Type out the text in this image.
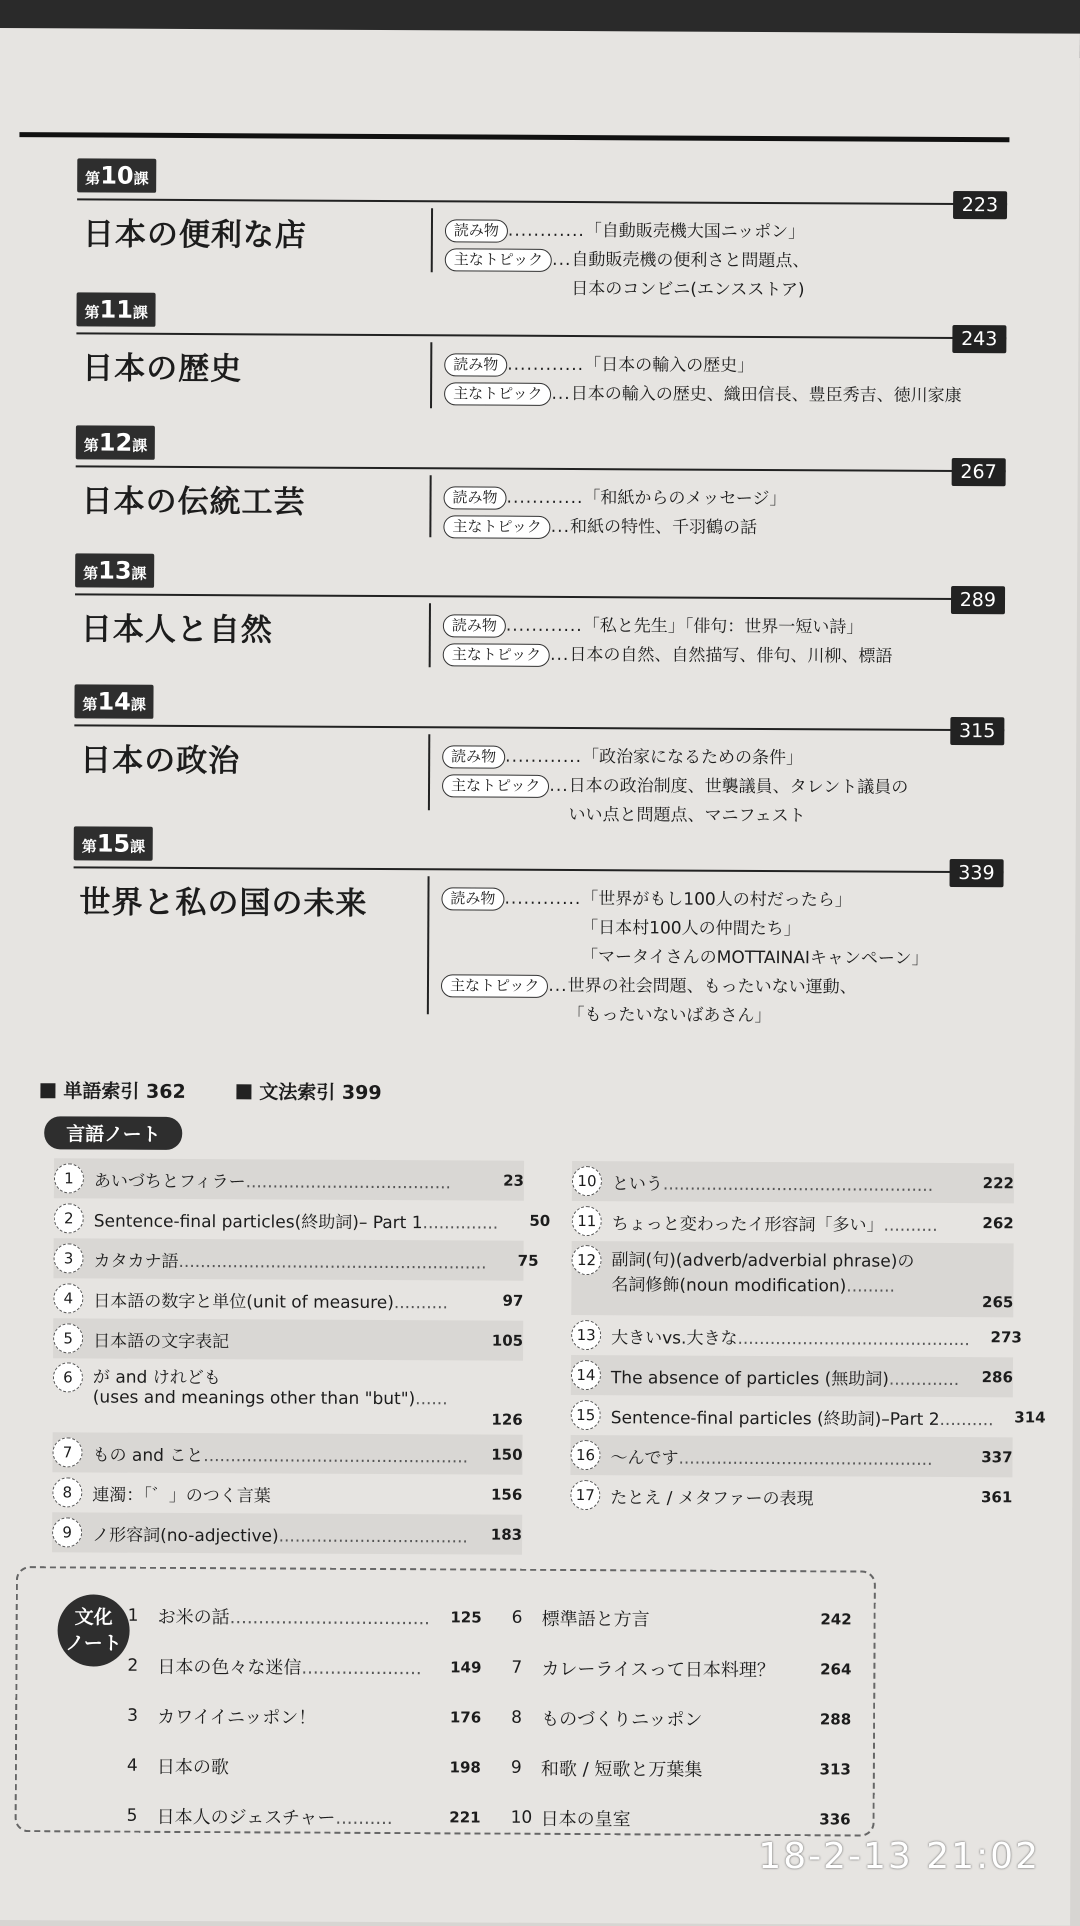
第10課
223
日本の便利な店	読み物 ............ 「自動販売機大国ニッポン」
主なトピック ... 自動販売機の便利さと問題点、
日本のコンビニ(エンスストア)
第11課
243
日本の歴史	読み物 ............ 「日本の輸入の歴史」
主なトピック ... 日本の輸入の歴史、織田信長、豊臣秀吉、徳川家康
第12課
267
日本の伝統工芸	読み物 ............ 「和紙からのメッセージ」
主なトピック ... 和紙の特性、千羽鶴の話
第13課
289
日本人と自然	読み物 ............ 「私と先生」「俳句：世界一短い詩」
主なトピック ... 日本の自然、自然描写、俳句、川柳、標語
第14課
315
日本の政治	読み物 ............ 「政治家になるための条件」
主なトピック ... 日本の政治制度、世襲議員、タレント議員の
いい点と問題点、マニフェスト
第15課
339
世界と私の国の未来	読み物 ............ 「世界がもし100人の村だったら」
「日本村100人の仲間たち」
「マータイさんのMOTTAINAIキャンペーン」
主なトピック ... 世界の社会問題、もったいない運動、
「もったいないばあさん」
単語索引 362	文法索引 399
言語ノート
1	あいづちとフィラー......................................	23
2	Sentence-final particles(終助詞)– Part 1..............	50
3	カタカナ語.........................................................	75
4	日本語の数字と単位(unit of measure)..........	97
5	日本語の文字表記	105
6	が and けれども
(uses and meanings other than "but")......
126
7	もの and こと.................................................	150
8	連濁：「゛」のつく言葉	156
9	ノ形容詞(no-adjective)...................................	183
10 という..................................................	222
11 ちょっと変わったイ形容詞「多い」..........	262
12 副詞(句)(adverb/adverbial phrase)の
名詞修飾(noun modification).........
265
13 大きいvs.大きな...........................................	273
14 The absence of particles (無助詞).............	286
15 Sentence-final particles (終助詞)–Part 2..........	314
16 ～んです...............................................	337
17 たとえ / メタファーの表現	361
文化
ノート
1	お米の話...................................	125
2	日本の色々な迷信.....................	149
3	カワイイニッポン！	176
4	日本の歌	198
5	日本人のジェスチャー..........	221
6	標準語と方言	242
7	カレーライスって日本料理？	264
8	ものづくりニッポン	288
9	和歌 / 短歌と万葉集	313
10 日本の皇室	336
18-2-13 21:02
